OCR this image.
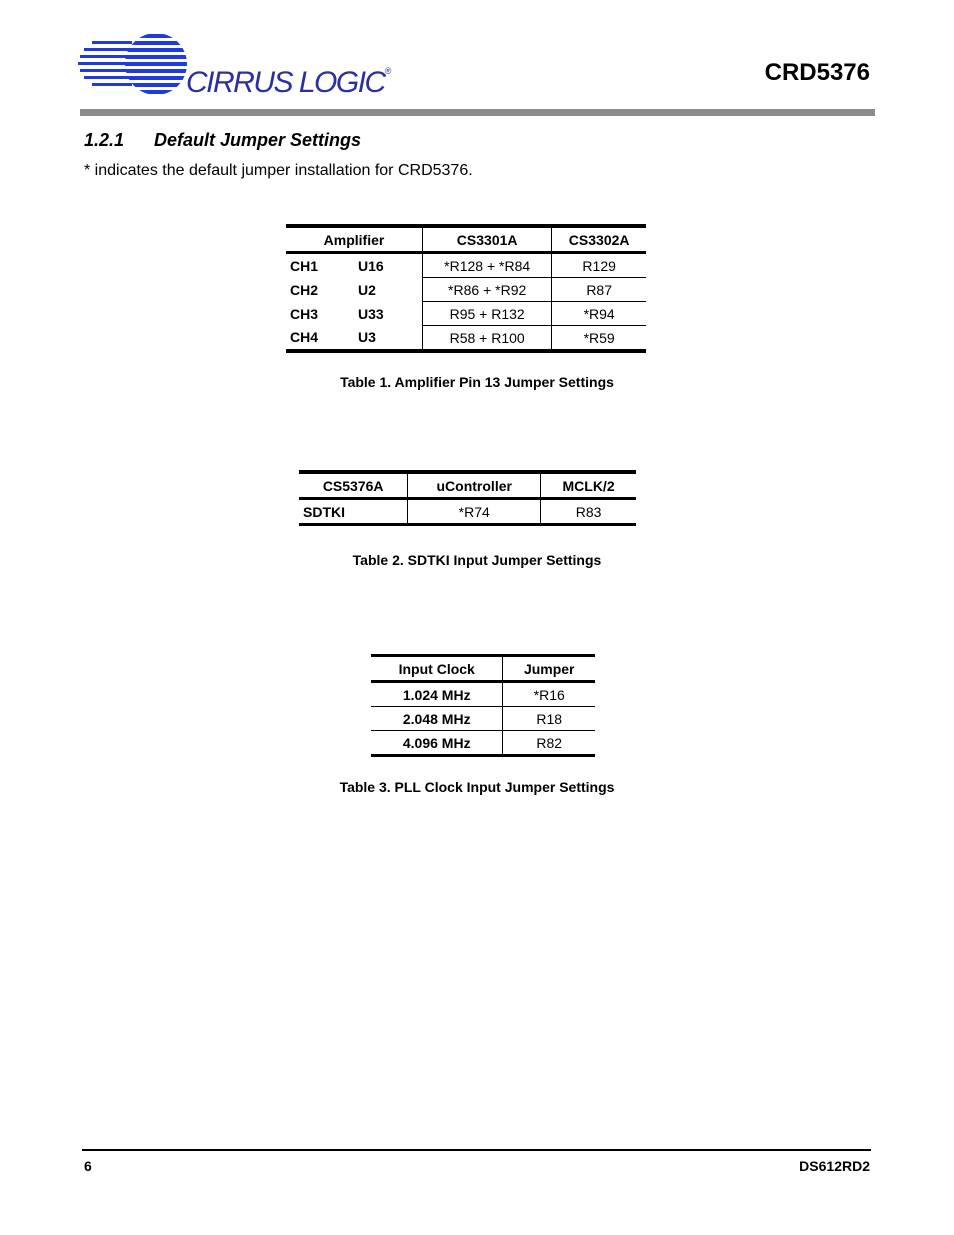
CIRRUS LOGIC®	CRD5376
1.2.1 Default Jumper Settings
* indicates the default jumper installation for CRD5376.
Amplifier		CS3301A	CS3302A
CH1	U16	*R128 + *R84	R129
CH2	U2	*R86 + *R92	R87
CH3	U33	R95 + R132	*R94
CH4	U3	R58 + R100	*R59
Table 1. Amplifier Pin 13 Jumper Settings
CS5376A	uController	MCLK/2
SDTKI	*R74	R83
Table 2. SDTKI Input Jumper Settings
Input Clock	Jumper
1.024 MHz	*R16
2.048 MHz	R18
4.096 MHz	R82
Table 3. PLL Clock Input Jumper Settings
6	DS612RD2
